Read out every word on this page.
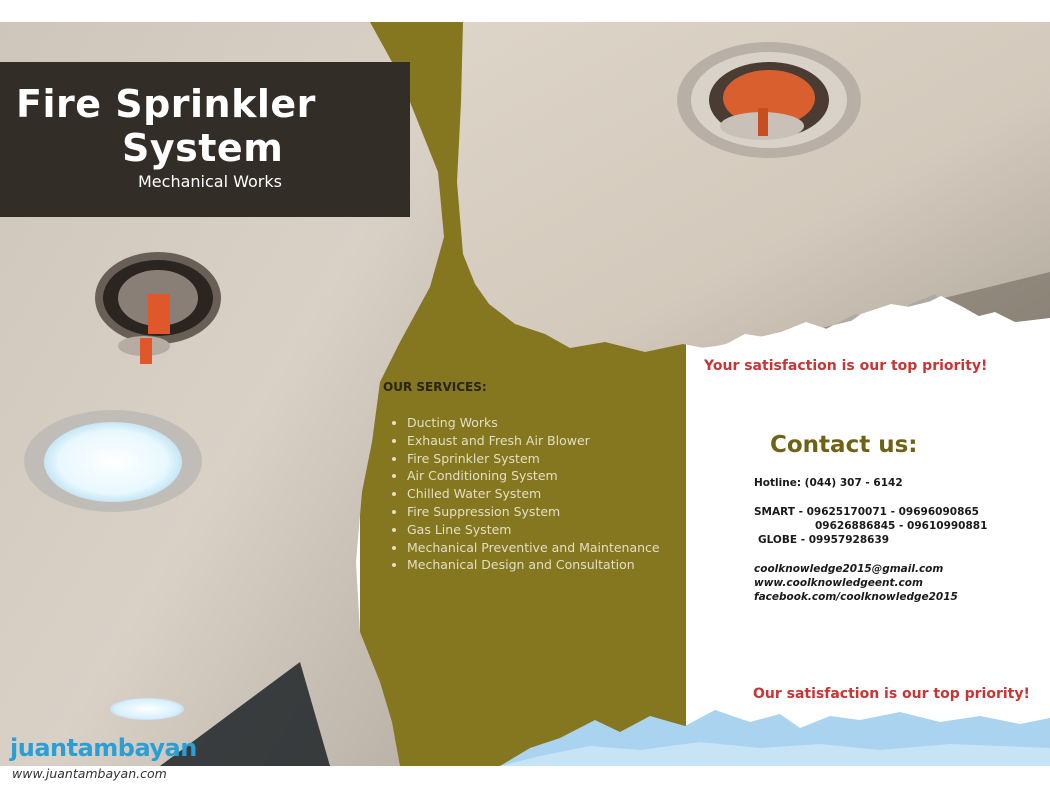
Fire Sprinkler
System
Mechanical Works
OUR SERVICES:
• Ducting Works
• Exhaust and Fresh Air Blower
• Fire Sprinkler System
• Air Conditioning System
• Chilled Water System
• Fire Suppression System
• Gas Line System
• Mechanical Preventive and Maintenance
• Mechanical Design and Consultation
Your satisfaction is our top priority!
Contact us:
Hotline: (044) 307 - 6142
SMART - 09625170071 - 09696090865
09626886845 - 09610990881
GLOBE - 09957928639
coolknowledge2015@gmail.com
www.coolknowledgeent.com
facebook.com/coolknowledge2015
Our satisfaction is our top priority!
juantambayan
www.juantambayan.com
